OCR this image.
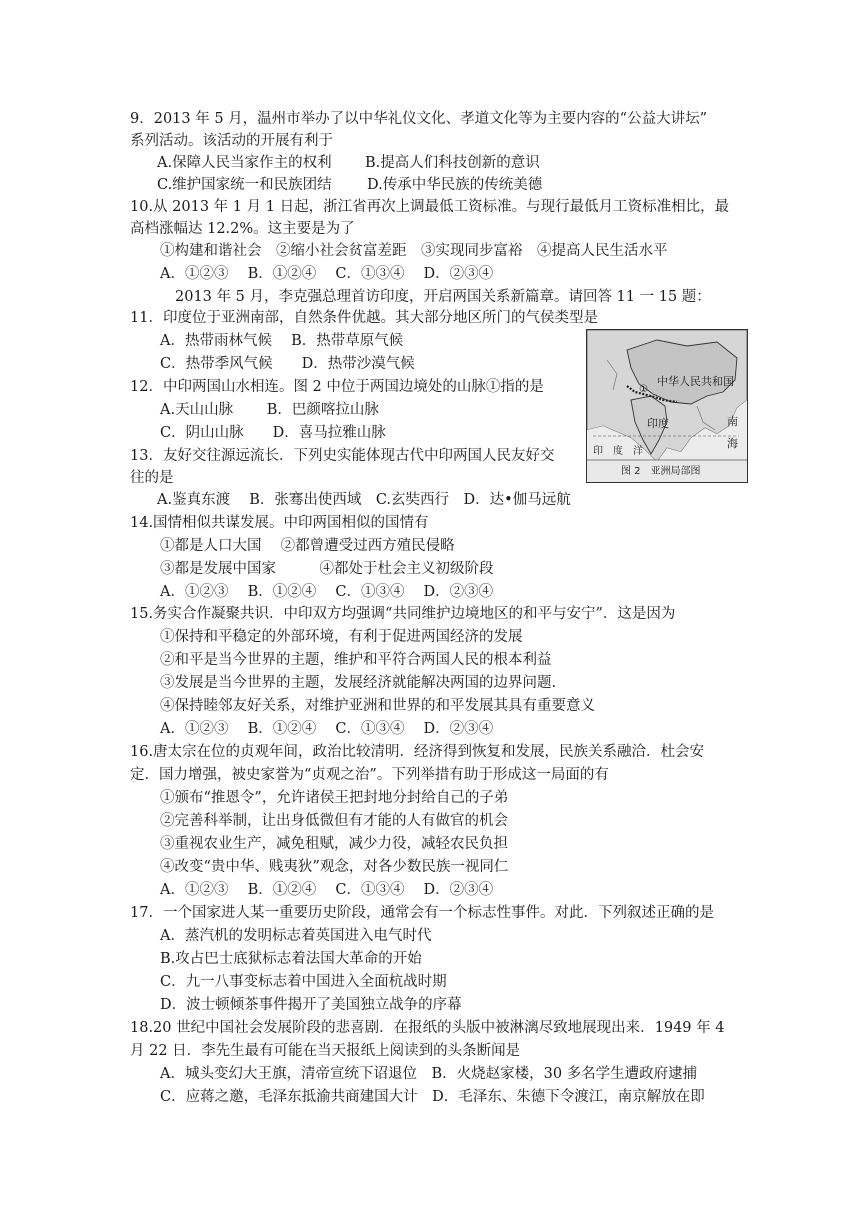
9．2013 年 5 月，温州市举办了以中华礼仪文化、孝道文化等为主要内容的“公益大讲坛”
系列活动。该活动的开展有利于
A.保障人民当家作主的权利 B.提高人们科技创新的意识
C.维护国家统一和民族团结 D.传承中华民族的传统美德
10.从 2013 年 1 月 1 日起，浙江省再次上调最低工资标准。与现行最低月工资标准相比，最
高档涨幅达 12.2%。这主要是为了
①构建和谐社会　②缩小社会贫富差距　③实现同步富裕　④提高人民生活水平
A．①②③　 B．①②④　 C．①③④　 D．②③④
2013 年 5 月，李克强总理首访印度，开启两国关系新篇章。请回答 11 一 15 题：
11．印度位于亚洲南部，自然条件优越。其大部分地区所门的气侯类型是
A．热带雨林气候　 B．热带草原气候
C．热带季风气候　　D．热带沙漠气候
12．中印两国山水相连。图 2 中位于两国边境处的山脉①指的是
A.天山山脉　　 B．巴颜喀拉山脉
C．阴山山脉　　D．喜马拉雅山脉
13．友好交往源远流长．下列史实能体现古代中印两国人民友好交
往的是
A.鉴真东渡　 B．张骞出使西域　C.玄奘西行　D．达•伽马远航
中华人民共和国
①
印度	南
海
印　度　洋
图 2　亚洲局部图
14.国情相似共谋发展。中印两国相似的国情有
①都是人口大国　 ②都曾遭受过西方殖民侵略
③都是发展中国家　　　④都处于杜会主义初级阶段
A．①②③　 B．①②④　 C．①③④　 D．②③④
15.务实合作凝聚共识．中印双方均强调“共同维护边境地区的和平与安宁”．这是因为
①保持和平稳定的外部环境，有利于促进两国经济的发展
②和平是当今世界的主题，维护和平符合两国人民的根本利益
③发展是当今世界的主题，发展经济就能解决两国的边界问题.
④保持睦邻友好关系，对维护亚洲和世界的和平发展其具有重要意义
A．①②③　 B．①②④　 C．①③④　 D．②③④
16.唐太宗在位的贞观年间，政治比较清明．经济得到恢复和发展，民族关系融洽．杜会安
定．国力增强，被史家誉为“贞观之治”。下列举措有助于形成这一局面的有
①颁布“推恩令”，允许诸侯王把封地分封给自己的子弟
②完善科举制，让出身低微但有才能的人有做官的机会
③重视农业生产，减免租赋，减少力役，减轻农民负担
④改变“贵中华、贱夷狄”观念，对各少数民族一视同仁
A．①②③　 B．①②④　 C．①③④　 D．②③④
17．一个国家进人某一重要历史阶段，通常会有一个标志性事件。对此．下列叙述正确的是
A．蒸汽机的发明标志着英国进入电气时代
B.攻占巴士底狱标志着法国大革命的开始
C．九一八事变标志着中国进入全面杭战时期
D．波士顿倾茶事件揭开了美国独立战争的序幕
18.20 世纪中国社会发展阶段的悲喜剧．在报纸的头版中被淋漓尽致地展现出来．1949 年 4
月 22 日．李先生最有可能在当天报纸上阅读到的头条断闻是
A．城头变幻大王旗，清帝宣统下诏退位　B．火烧赵家楼，30 多名学生遭政府逮捕
C．应蒋之邀，毛泽东抵渝共商建国大计　D．毛泽东、朱德下令渡江，南京解放在即
